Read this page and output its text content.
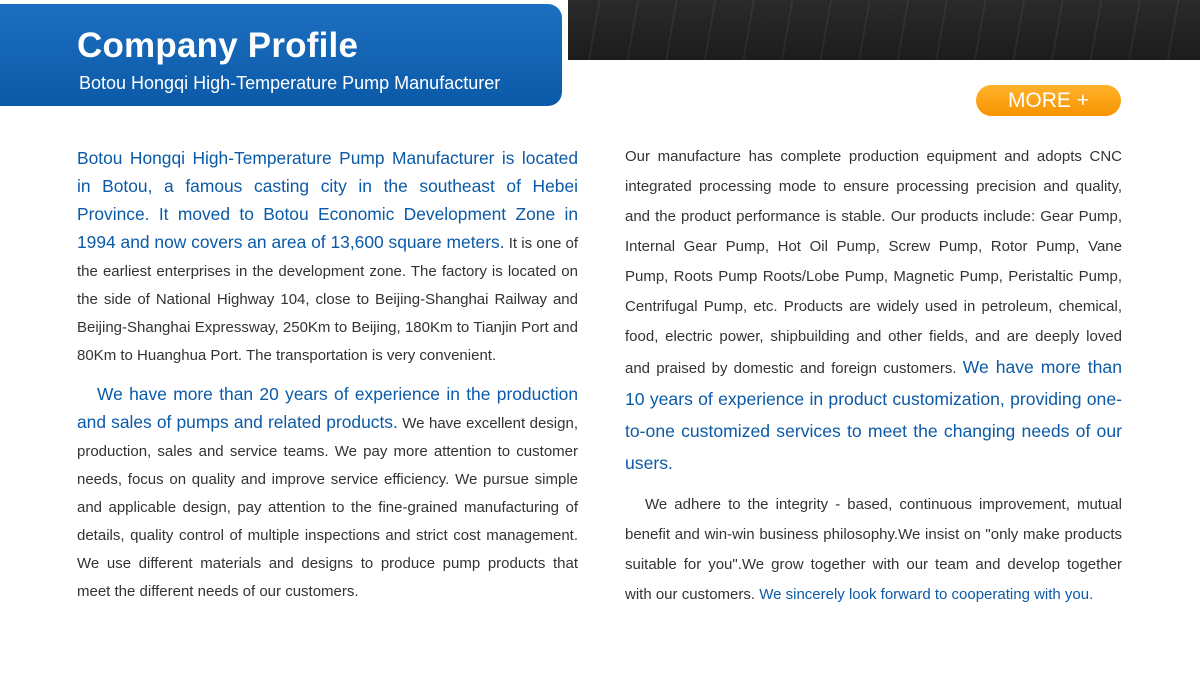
Company Profile

Botou Hongqi High-Temperature Pump Manufacturer

MORE +

Botou Hongqi High-Temperature Pump Manufacturer is located in Botou, a famous casting city in the southeast of Hebei Province. It moved to Botou Economic Development Zone in 1994 and now covers an area of 13,600 square meters. It is one of the earliest enterprises in the development zone. The factory is located on the side of National Highway 104, close to Beijing-Shanghai Railway and Beijing-Shanghai Expressway, 250Km to Beijing, 180Km to Tianjin Port and 80Km to Huanghua Port. The transportation is very convenient.

We have more than 20 years of experience in the production and sales of pumps and related products. We have excellent design, production, sales and service teams. We pay more attention to customer needs, focus on quality and improve service efficiency. We pursue simple and applicable design, pay attention to the fine-grained manufacturing of details, quality control of multiple inspections and strict cost management. We use different materials and designs to produce pump products that meet the different needs of our customers.

Our manufacture has complete production equipment and adopts CNC integrated processing mode to ensure processing precision and quality, and the product performance is stable. Our products include: Gear Pump, Internal Gear Pump, Hot Oil Pump, Screw Pump, Rotor Pump, Vane Pump, Roots Pump Roots/Lobe Pump, Magnetic Pump, Peristaltic Pump, Centrifugal Pump, etc. Products are widely used in petroleum, chemical, food, electric power, shipbuilding and other fields, and are deeply loved and praised by domestic and foreign customers. We have more than 10 years of experience in product customization, providing one-to-one customized services to meet the changing needs of our users.

We adhere to the integrity - based, continuous improvement, mutual benefit and win-win business philosophy.We insist on "only make products suitable for you".We grow together with our team and develop together with our customers. We sincerely look forward to cooperating with you.
